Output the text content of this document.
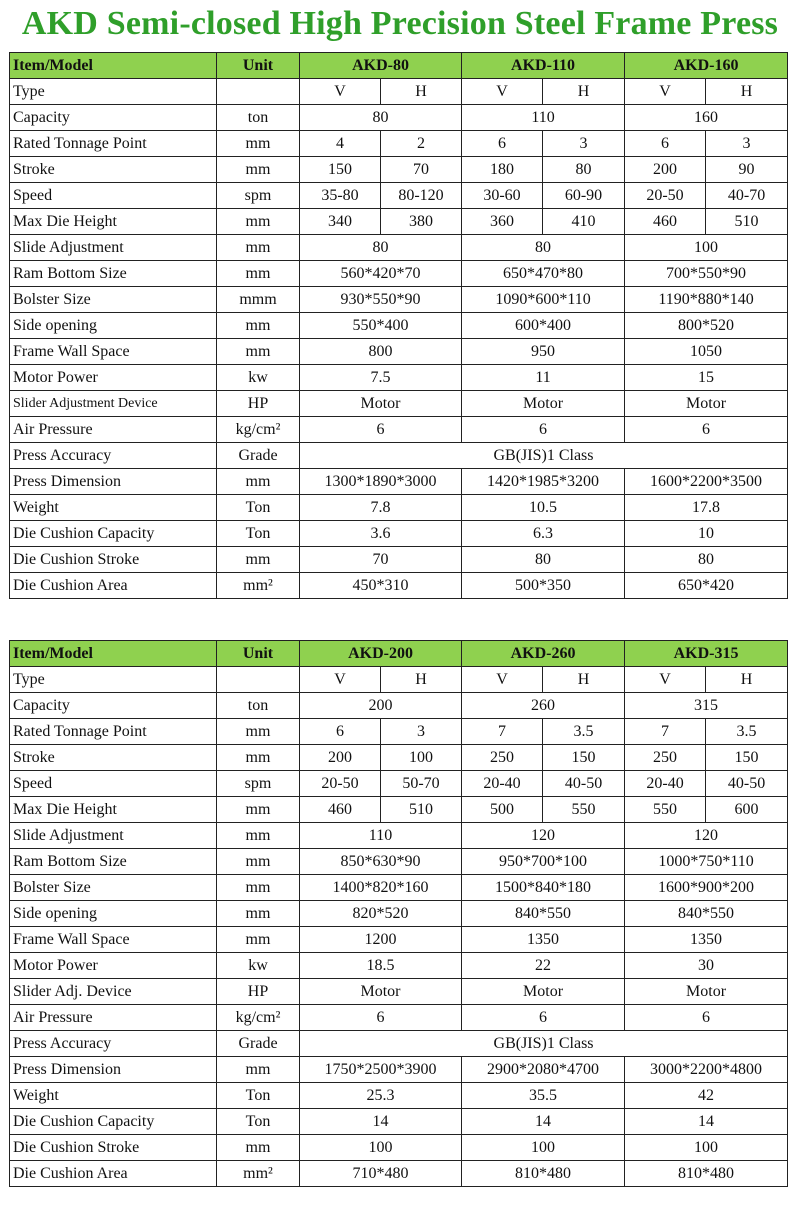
AKD Semi-closed High Precision Steel Frame Press
Item/Model	Unit	AKD-80		AKD-110		AKD-160	
Type		V	H	V	H	V	H
Capacity	ton	80		110		160	
Rated Tonnage Point	mm	4	2	6	3	6	3
Stroke	mm	150	70	180	80	200	90
Speed	spm	35-80	80-120	30-60	60-90	20-50	40-70
Max Die Height	mm	340	380	360	410	460	510
Slide Adjustment	mm	80		80		100	
Ram Bottom Size	mm	560*420*70		650*470*80		700*550*90	
Bolster Size	mmm	930*550*90		1090*600*110		1190*880*140	
Side opening	mm	550*400		600*400		800*520	
Frame Wall Space	mm	800		950		1050	
Motor Power	kw	7.5		11		15	
Slider Adjustment Device	HP	Motor		Motor		Motor	
Air Pressure	kg/cm²	6		6		6	
Press Accuracy	Grade	GB(JIS)1 Class					
Press Dimension	mm	1300*1890*3000		1420*1985*3200		1600*2200*3500	
Weight	Ton	7.8		10.5		17.8	
Die Cushion Capacity	Ton	3.6		6.3		10	
Die Cushion Stroke	mm	70		80		80	
Die Cushion Area	mm²	450*310		500*350		650*420	
Item/Model	Unit	AKD-200		AKD-260		AKD-315	
Type		V	H	V	H	V	H
Capacity	ton	200		260		315	
Rated Tonnage Point	mm	6	3	7	3.5	7	3.5
Stroke	mm	200	100	250	150	250	150
Speed	spm	20-50	50-70	20-40	40-50	20-40	40-50
Max Die Height	mm	460	510	500	550	550	600
Slide Adjustment	mm	110		120		120	
Ram Bottom Size	mm	850*630*90		950*700*100		1000*750*110	
Bolster Size	mm	1400*820*160		1500*840*180		1600*900*200	
Side opening	mm	820*520		840*550		840*550	
Frame Wall Space	mm	1200		1350		1350	
Motor Power	kw	18.5		22		30	
Slider Adj. Device	HP	Motor		Motor		Motor	
Air Pressure	kg/cm²	6		6		6	
Press Accuracy	Grade	GB(JIS)1 Class					
Press Dimension	mm	1750*2500*3900		2900*2080*4700		3000*2200*4800	
Weight	Ton	25.3		35.5		42	
Die Cushion Capacity	Ton	14		14		14	
Die Cushion Stroke	mm	100		100		100	
Die Cushion Area	mm²	710*480		810*480		810*480	
